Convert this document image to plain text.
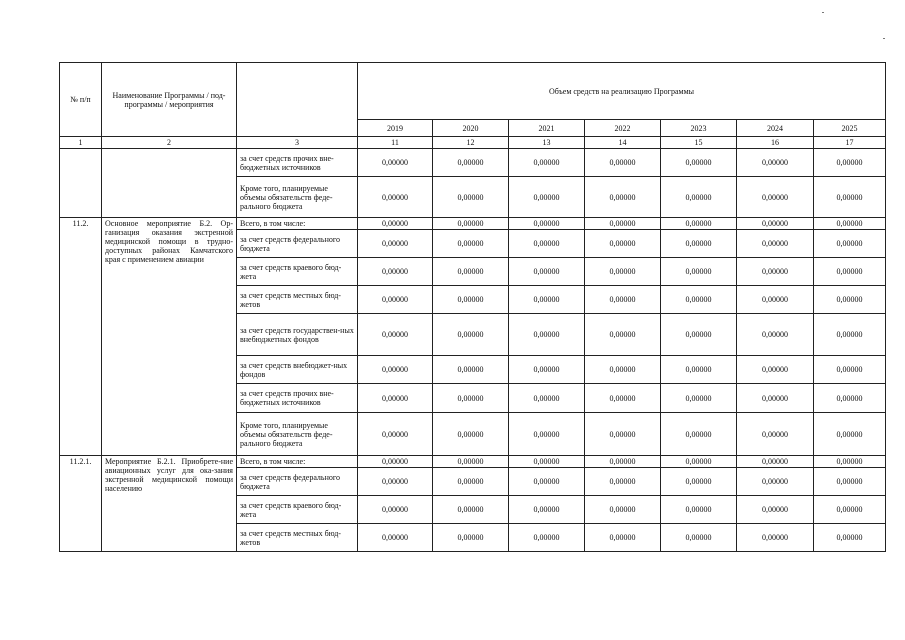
№ п/п	Наименование Программы / под-программы / мероприятия		Объем средств на реализацию Программы						
			2019	2020	2021	2022	2023	2024	2025
1	2	3	11	12	13	14	15	16	17
		за счет средств прочих вне-бюджетных источников	0,00000	0,00000	0,00000	0,00000	0,00000	0,00000	0,00000
		Кроме того, планируемые объемы обязательств феде-рального бюджета	0,00000	0,00000	0,00000	0,00000	0,00000	0,00000	0,00000
11.2.	Основное мероприятие Б.2. Ор-ганизация оказания экстренной медицинской помощи в трудно-доступных районах Камчатского края с применением авиации	Всего, в том числе:	0,00000	0,00000	0,00000	0,00000	0,00000	0,00000	0,00000
		за счет средств федерального бюджета	0,00000	0,00000	0,00000	0,00000	0,00000	0,00000	0,00000
		за счет средств краевого бюд-жета	0,00000	0,00000	0,00000	0,00000	0,00000	0,00000	0,00000
		за счет средств местных бюд-жетов	0,00000	0,00000	0,00000	0,00000	0,00000	0,00000	0,00000
		за счет средств государствен-ных внебюджетных фондов	0,00000	0,00000	0,00000	0,00000	0,00000	0,00000	0,00000
		за счет средств внебюджет-ных фондов	0,00000	0,00000	0,00000	0,00000	0,00000	0,00000	0,00000
		за счет средств прочих вне-бюджетных источников	0,00000	0,00000	0,00000	0,00000	0,00000	0,00000	0,00000
		Кроме того, планируемые объемы обязательств феде-рального бюджета	0,00000	0,00000	0,00000	0,00000	0,00000	0,00000	0,00000
11.2.1.	Мероприятие Б.2.1. Приобрете-ние авиационных услуг для ока-зания экстренной медицинской помощи населению	Всего, в том числе:	0,00000	0,00000	0,00000	0,00000	0,00000	0,00000	0,00000
		за счет средств федерального бюджета	0,00000	0,00000	0,00000	0,00000	0,00000	0,00000	0,00000
		за счет средств краевого бюд-жета	0,00000	0,00000	0,00000	0,00000	0,00000	0,00000	0,00000
		за счет средств местных бюд-жетов	0,00000	0,00000	0,00000	0,00000	0,00000	0,00000	0,00000
